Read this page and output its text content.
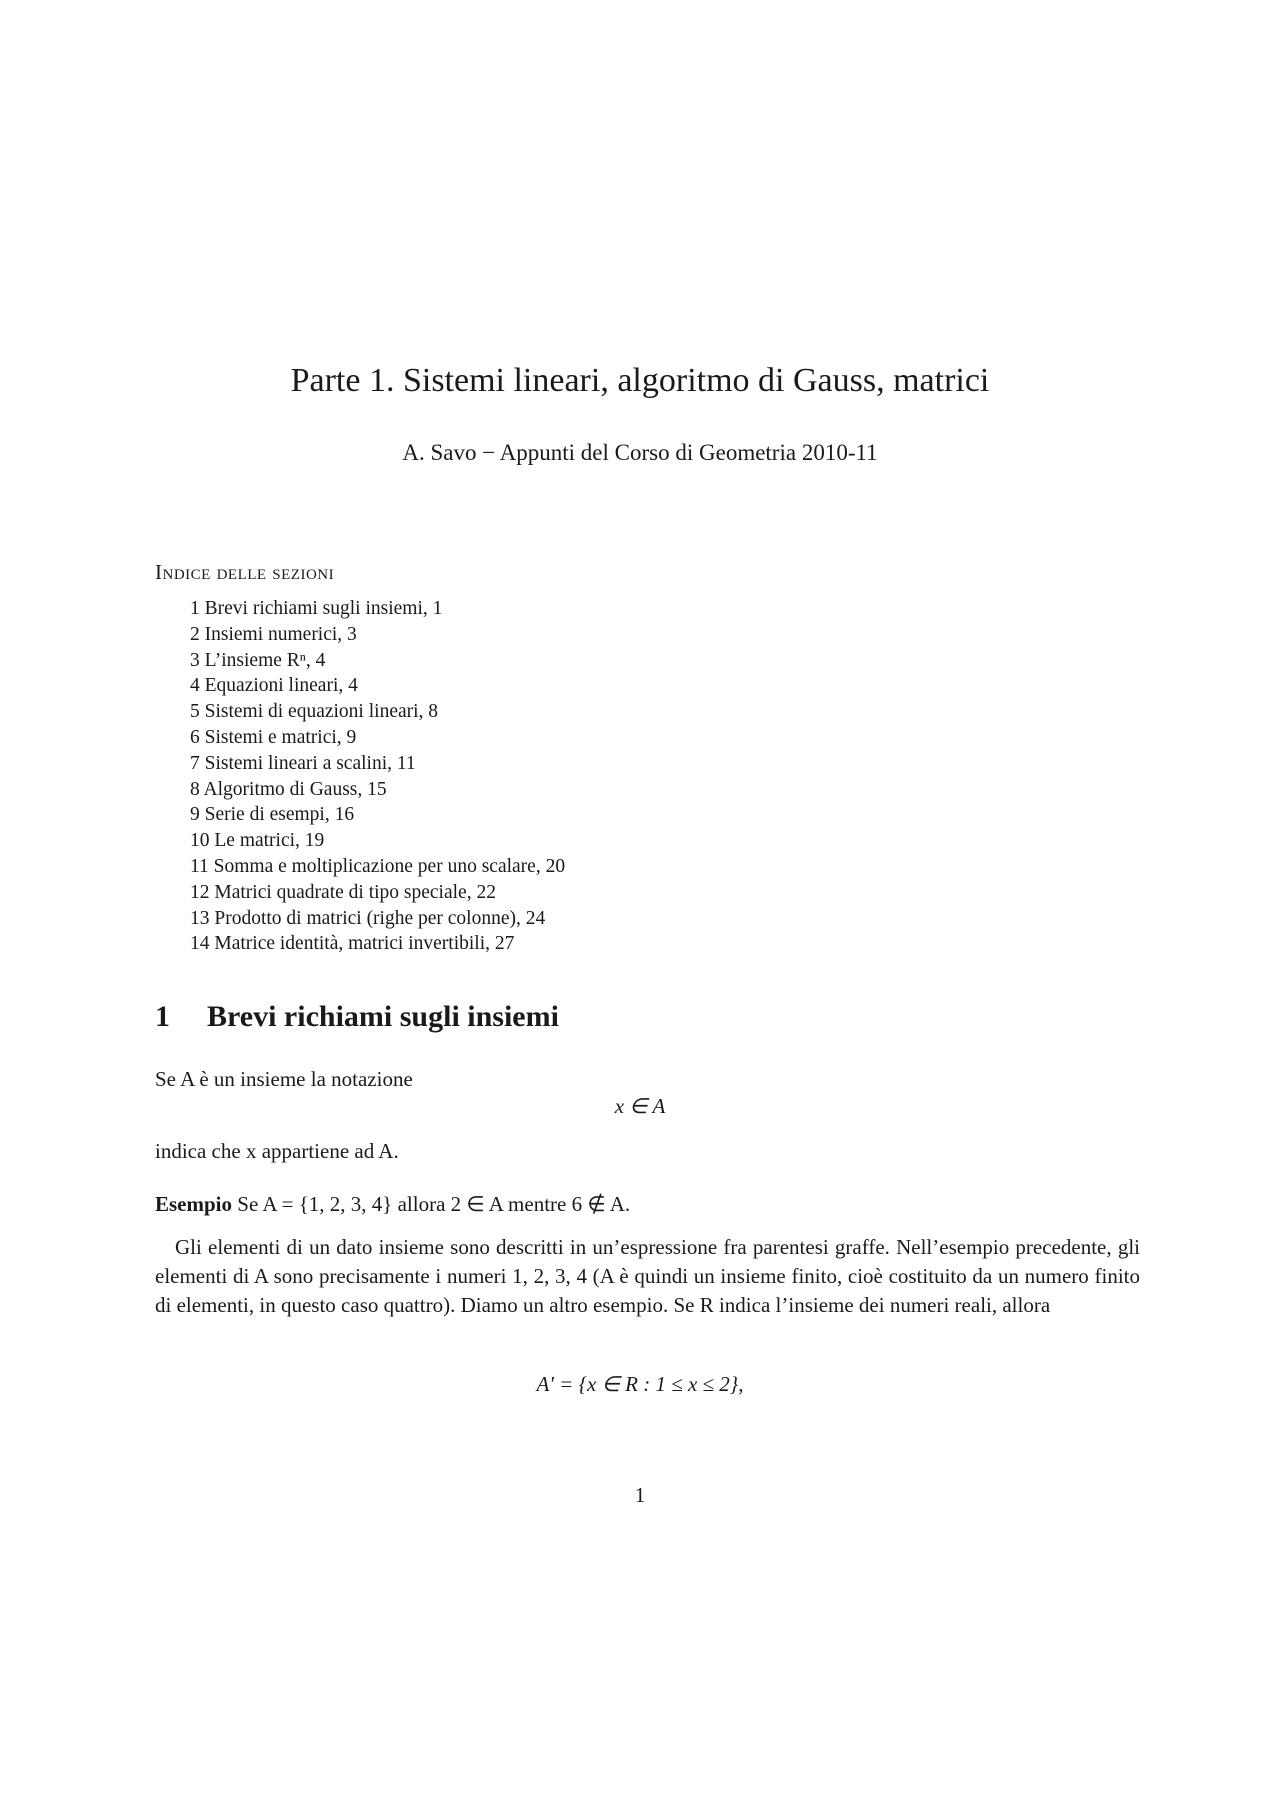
Parte 1. Sistemi lineari, algoritmo di Gauss, matrici
A. Savo − Appunti del Corso di Geometria 2010-11
Indice delle sezioni
1 Brevi richiami sugli insiemi, 1
2 Insiemi numerici, 3
3 L’insieme Rⁿ, 4
4 Equazioni lineari, 4
5 Sistemi di equazioni lineari, 8
6 Sistemi e matrici, 9
7 Sistemi lineari a scalini, 11
8 Algoritmo di Gauss, 15
9 Serie di esempi, 16
10 Le matrici, 19
11 Somma e moltiplicazione per uno scalare, 20
12 Matrici quadrate di tipo speciale, 22
13 Prodotto di matrici (righe per colonne), 24
14 Matrice identità, matrici invertibili, 27
1 Brevi richiami sugli insiemi
Se A è un insieme la notazione
x ∈ A
indica che x appartiene ad A.
Esempio Se A = {1, 2, 3, 4} allora 2 ∈ A mentre 6 ∉ A.
Gli elementi di un dato insieme sono descritti in un’espressione fra parentesi graffe. Nell’esempio precedente, gli elementi di A sono precisamente i numeri 1, 2, 3, 4 (A è quindi un insieme finito, cioè costituito da un numero finito di elementi, in questo caso quattro). Diamo un altro esempio. Se R indica l’insieme dei numeri reali, allora
A′ = {x ∈ R : 1 ≤ x ≤ 2},
1
